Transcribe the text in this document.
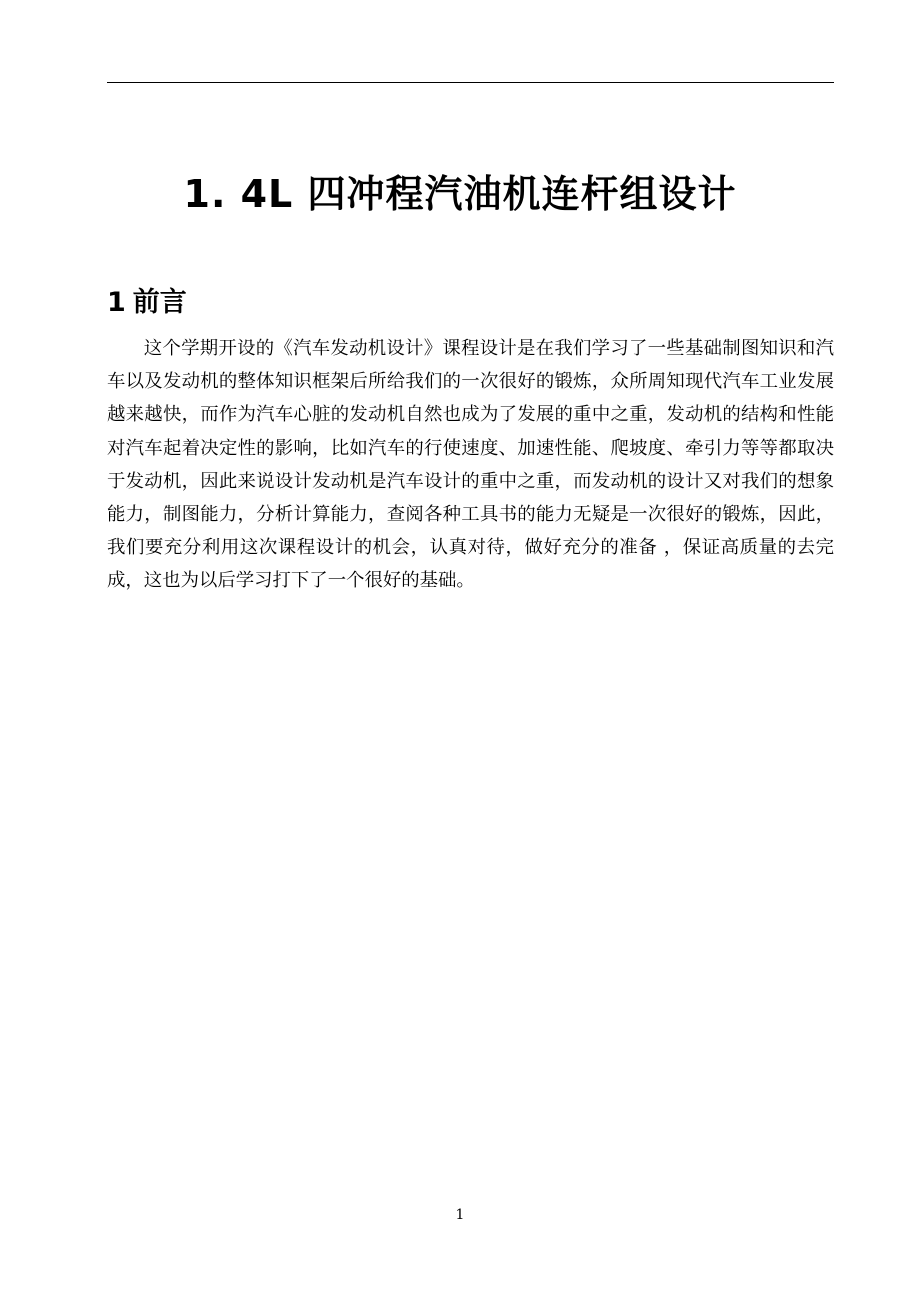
1. 4L 四冲程汽油机连杆组设计
1 前言

这个学期开设的《汽车发动机设计》课程设计是在我们学习了一些基础制图知识和汽车以及发动机的整体知识框架后所给我们的一次很好的锻炼，众所周知现代汽车工业发展越来越快，而作为汽车心脏的发动机自然也成为了发展的重中之重，发动机的结构和性能对汽车起着决定性的影响，比如汽车的行使速度、加速性能、爬坡度、牵引力等等都取决于发动机，因此来说设计发动机是汽车设计的重中之重，而发动机的设计又对我们的想象能力，制图能力，分析计算能力，查阅各种工具书的能力无疑是一次很好的锻炼，因此，我们要充分利用这次课程设计的机会，认真对待，做好充分的准备 ，保证高质量的去完成，这也为以后学习打下了一个很好的基础。

1
